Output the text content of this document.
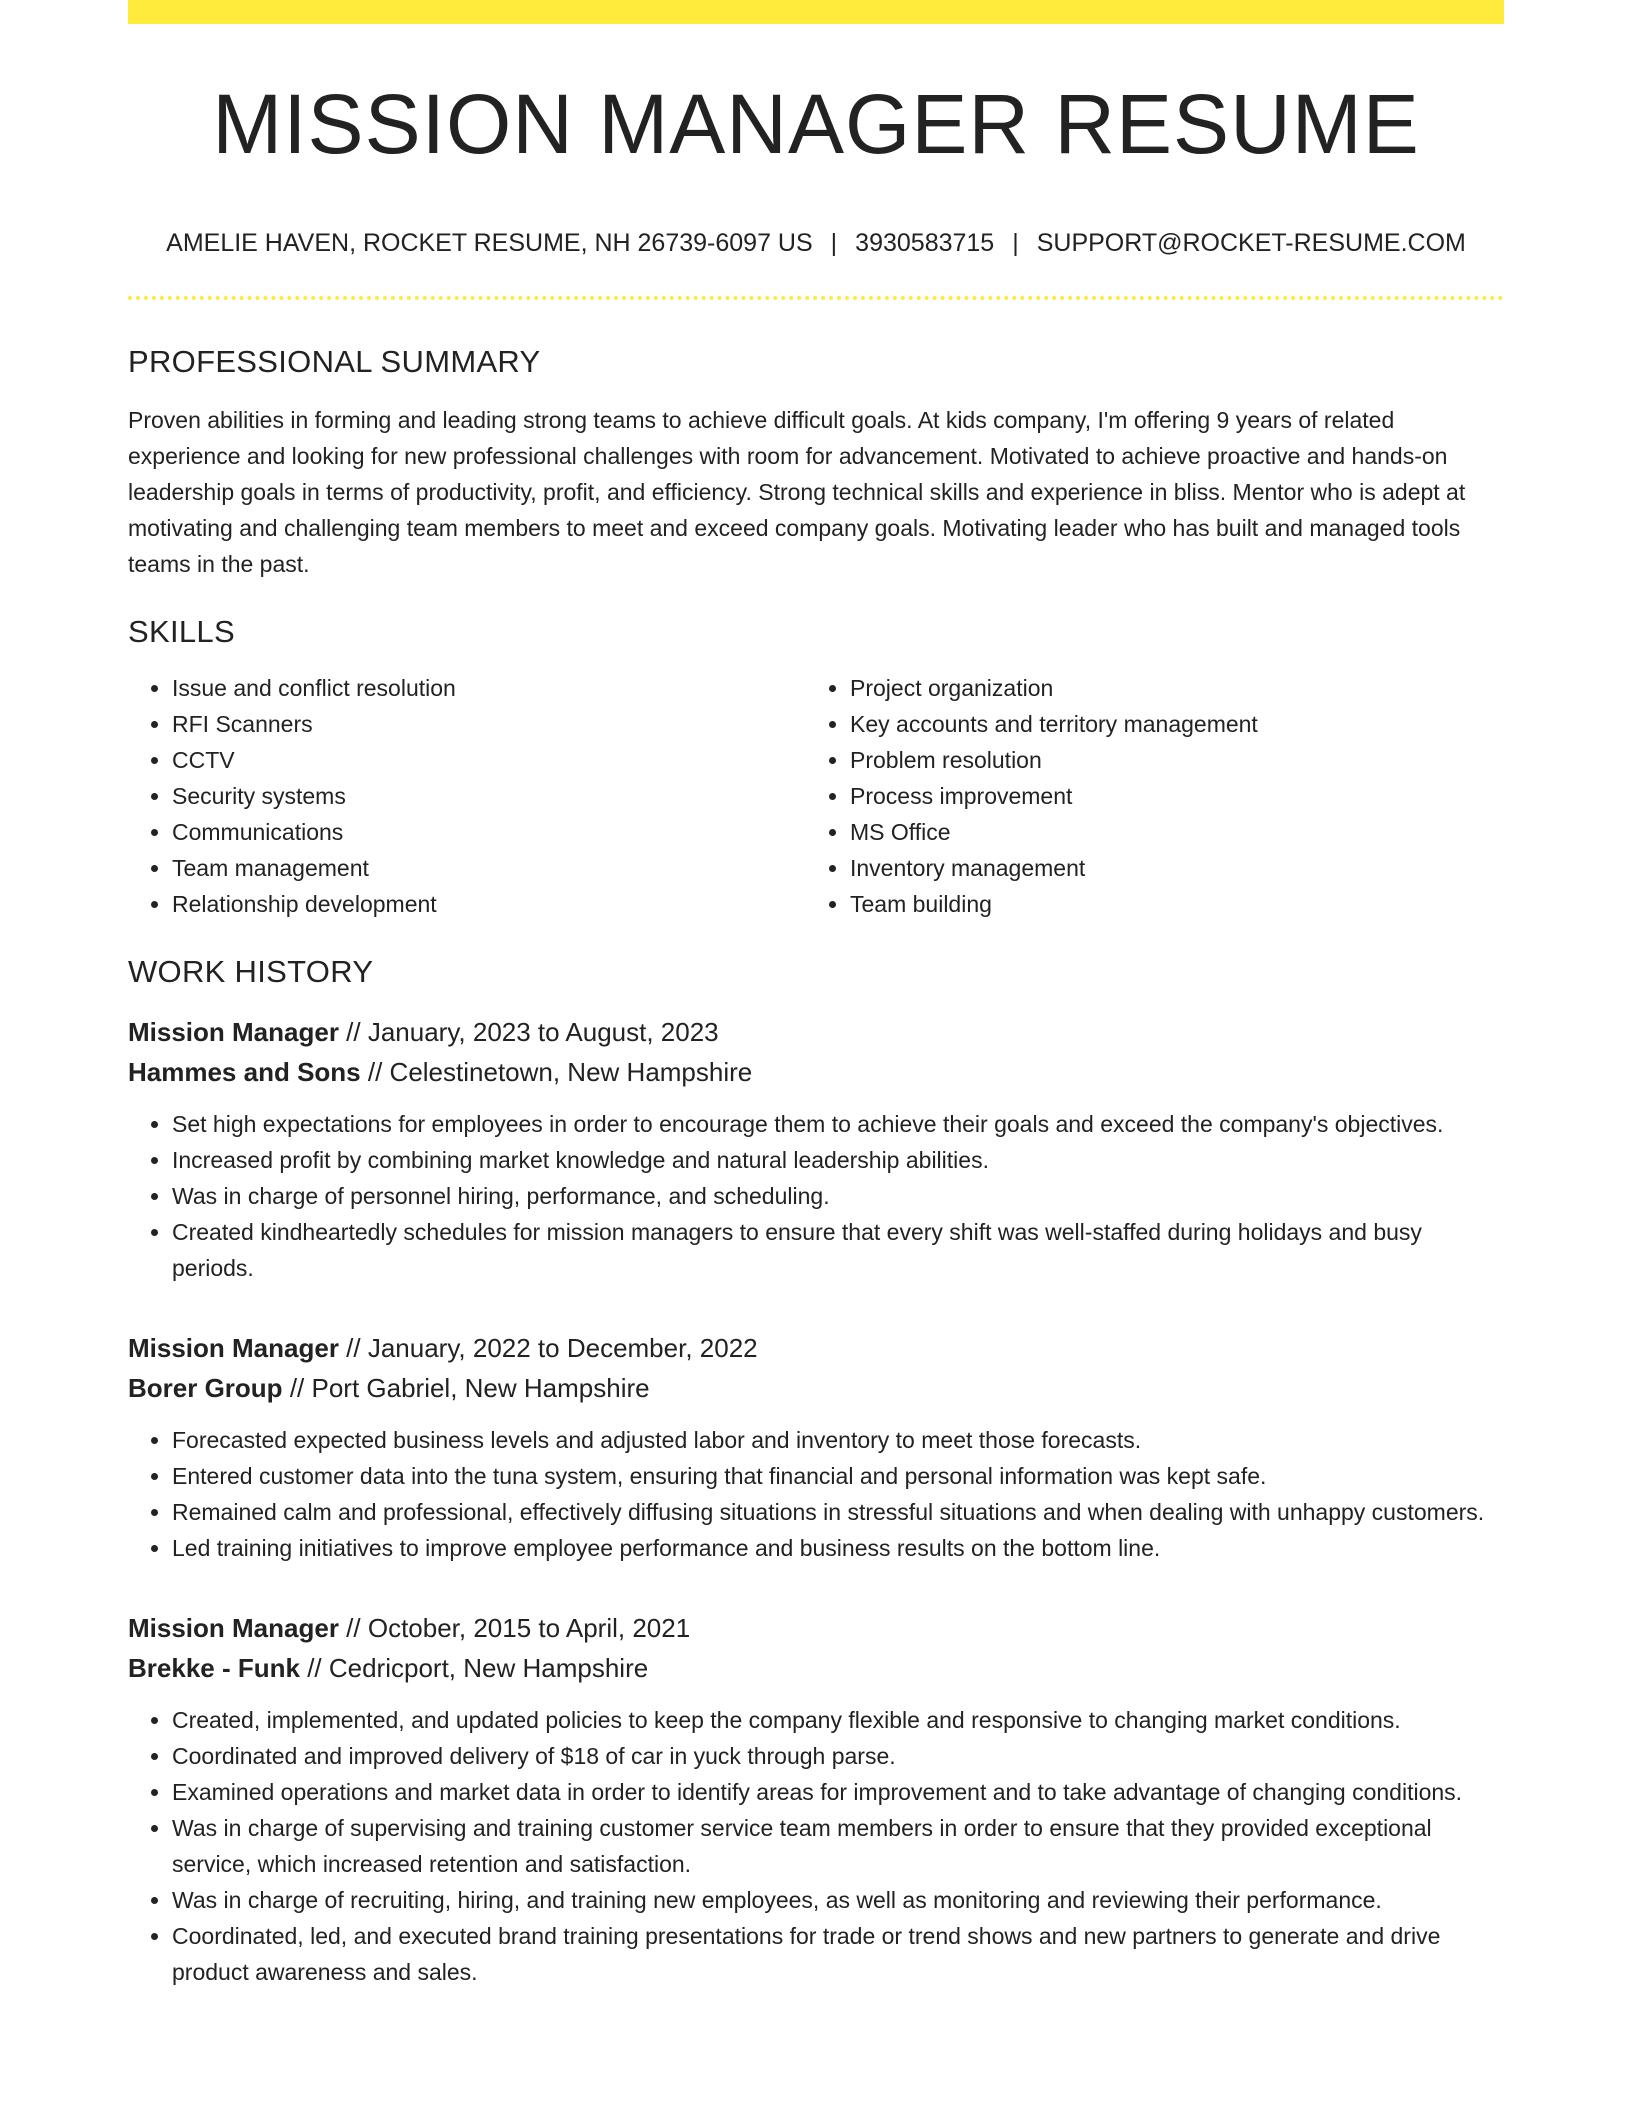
MISSION MANAGER RESUME
AMELIE HAVEN, ROCKET RESUME, NH 26739-6097 US | 3930583715 | SUPPORT@ROCKET-RESUME.COM
PROFESSIONAL SUMMARY

Proven abilities in forming and leading strong teams to achieve difficult goals. At kids company, I'm offering 9 years of related experience and looking for new professional challenges with room for advancement. Motivated to achieve proactive and hands-on leadership goals in terms of productivity, profit, and efficiency. Strong technical skills and experience in bliss. Mentor who is adept at motivating and challenging team members to meet and exceed company goals. Motivating leader who has built and managed tools teams in the past.

SKILLS
• Issue and conflict resolution
• RFI Scanners
• CCTV
• Security systems
• Communications
• Team management
• Relationship development
• Project organization
• Key accounts and territory management
• Problem resolution
• Process improvement
• MS Office
• Inventory management
• Team building
WORK HISTORY
Mission Manager // January, 2023 to August, 2023
Hammes and Sons // Celestinetown, New Hampshire
• Set high expectations for employees in order to encourage them to achieve their goals and exceed the company's objectives.
• Increased profit by combining market knowledge and natural leadership abilities.
• Was in charge of personnel hiring, performance, and scheduling.
• Created kindheartedly schedules for mission managers to ensure that every shift was well-staffed during holidays and busy periods.
Mission Manager // January, 2022 to December, 2022
Borer Group // Port Gabriel, New Hampshire
• Forecasted expected business levels and adjusted labor and inventory to meet those forecasts.
• Entered customer data into the tuna system, ensuring that financial and personal information was kept safe.
• Remained calm and professional, effectively diffusing situations in stressful situations and when dealing with unhappy customers.
• Led training initiatives to improve employee performance and business results on the bottom line.
Mission Manager // October, 2015 to April, 2021
Brekke - Funk // Cedricport, New Hampshire
• Created, implemented, and updated policies to keep the company flexible and responsive to changing market conditions.
• Coordinated and improved delivery of $18 of car in yuck through parse.
• Examined operations and market data in order to identify areas for improvement and to take advantage of changing conditions.
• Was in charge of supervising and training customer service team members in order to ensure that they provided exceptional service, which increased retention and satisfaction.
• Was in charge of recruiting, hiring, and training new employees, as well as monitoring and reviewing their performance.
• Coordinated, led, and executed brand training presentations for trade or trend shows and new partners to generate and drive product awareness and sales.
